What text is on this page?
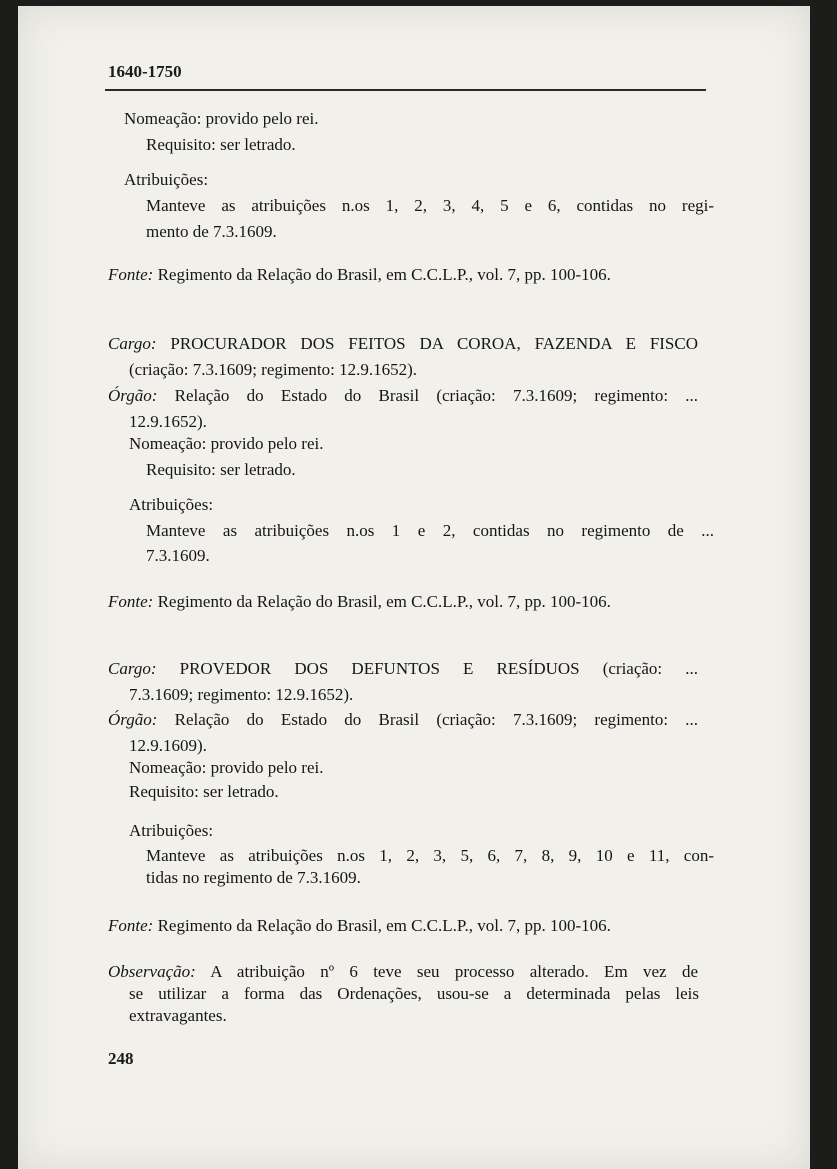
1640-1750
Nomeação: provido pelo rei.
Requisito: ser letrado.
Atribuições:
Manteve as atribuições n.os 1, 2, 3, 4, 5 e 6, contidas no regi-
mento de 7.3.1609.
Fonte: Regimento da Relação do Brasil, em C.C.L.P., vol. 7, pp. 100-106.
Cargo: PROCURADOR DOS FEITOS DA COROA, FAZENDA E FISCO
(criação: 7.3.1609; regimento: 12.9.1652).
Órgão: Relação do Estado do Brasil (criação: 7.3.1609; regimento: ...
12.9.1652).
Nomeação: provido pelo rei.
Requisito: ser letrado.
Atribuições:
Manteve as atribuições n.os 1 e 2, contidas no regimento de ...
7.3.1609.
Fonte: Regimento da Relação do Brasil, em C.C.L.P., vol. 7, pp. 100-106.
Cargo: PROVEDOR DOS DEFUNTOS E RESÍDUOS (criação: ...
7.3.1609; regimento: 12.9.1652).
Órgão: Relação do Estado do Brasil (criação: 7.3.1609; regimento: ...
12.9.1609).
Nomeação: provido pelo rei.
Requisito: ser letrado.
Atribuições:
Manteve as atribuições n.os 1, 2, 3, 5, 6, 7, 8, 9, 10 e 11, con-
tidas no regimento de 7.3.1609.
Fonte: Regimento da Relação do Brasil, em C.C.L.P., vol. 7, pp. 100-106.
Observação: A atribuição nº 6 teve seu processo alterado. Em vez de
se utilizar a forma das Ordenações, usou-se a determinada pelas leis
extravagantes.
248
